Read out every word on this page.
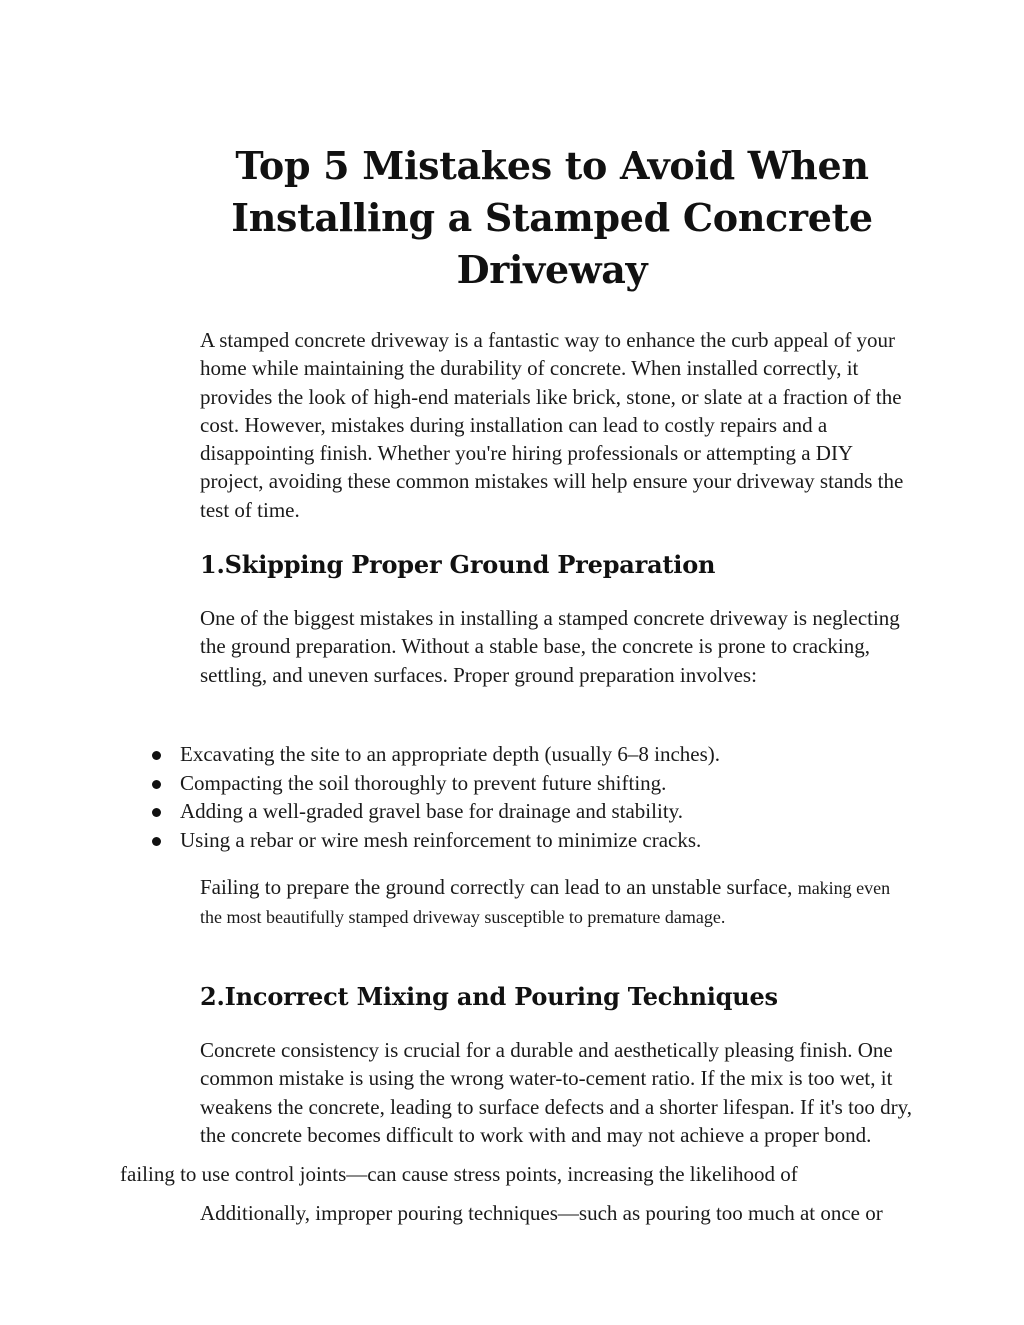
Top 5 Mistakes to Avoid When Installing a Stamped Concrete Driveway

A stamped concrete driveway is a fantastic way to enhance the curb appeal of your home while maintaining the durability of concrete. When installed correctly, it provides the look of high-end materials like brick, stone, or slate at a fraction of the cost. However, mistakes during installation can lead to costly repairs and a disappointing finish. Whether you're hiring professionals or attempting a DIY project, avoiding these common mistakes will help ensure your driveway stands the test of time.

1.Skipping Proper Ground Preparation

One of the biggest mistakes in installing a stamped concrete driveway is neglecting the ground preparation. Without a stable base, the concrete is prone to cracking, settling, and uneven surfaces. Proper ground preparation involves:

Excavating the site to an appropriate depth (usually 6–8 inches).
Compacting the soil thoroughly to prevent future shifting.
Adding a well-graded gravel base for drainage and stability.
Using a rebar or wire mesh reinforcement to minimize cracks.

Failing to prepare the ground correctly can lead to an unstable surface, making even the most beautifully stamped driveway susceptible to premature damage.

2.Incorrect Mixing and Pouring Techniques

Concrete consistency is crucial for a durable and aesthetically pleasing finish. One common mistake is using the wrong water-to-cement ratio. If the mix is too wet, it weakens the concrete, leading to surface defects and a shorter lifespan. If it's too dry, the concrete becomes difficult to work with and may not achieve a proper bond.

failing to use control joints—can cause stress points, increasing the likelihood of

Additionally, improper pouring techniques—such as pouring too much at once or
